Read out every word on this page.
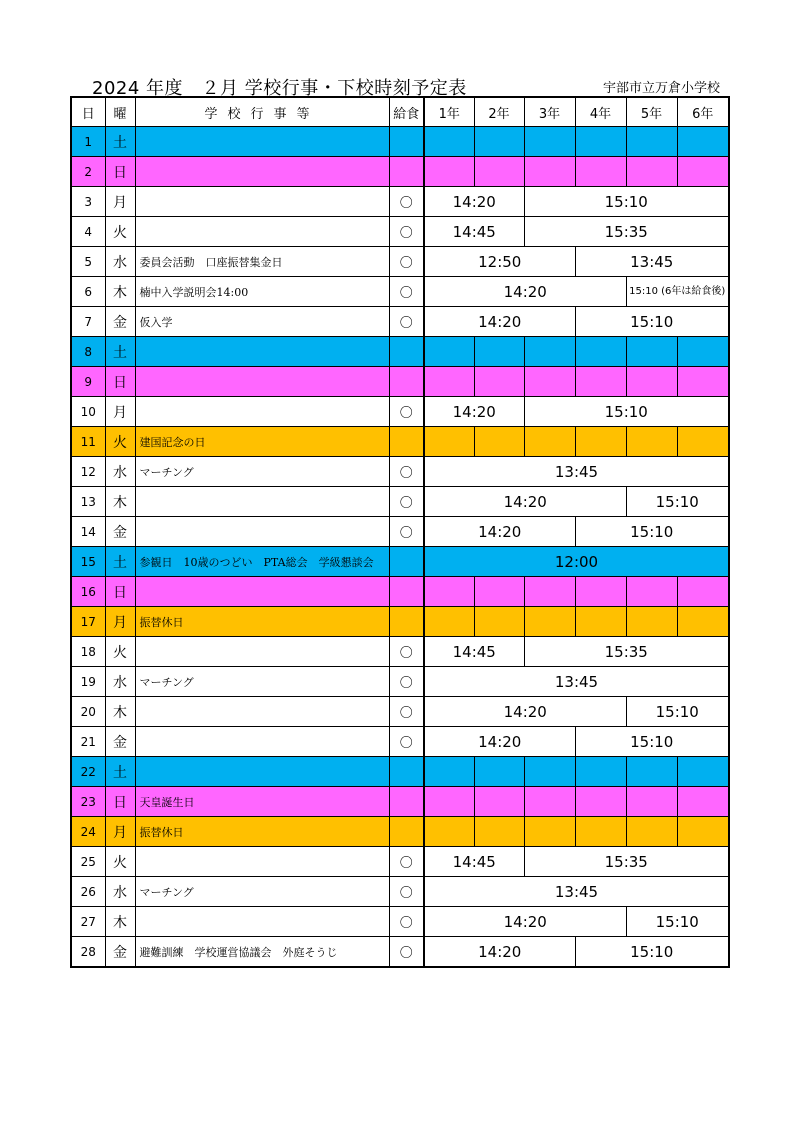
2024 年度　２月 学校行事・下校時刻予定表	宇部市立万倉小学校
日	曜	学校行事等	給食	1年	2年	3年	4年	5年	6年
1	土								
2	日								
3	月		〇	14:20		15:10			
4	火		〇	14:45		15:35			
5	水	委員会活動　口座振替集金日	〇	12:50			13:45		
6	木	楠中入学説明会14:00	〇	14:20				15:10 (6年は給食後)	
7	金	仮入学	〇	14:20			15:10		
8	土								
9	日								
10	月		〇	14:20		15:10			
11	火	建国記念の日							
12	水	マーチング	〇	13:45					
13	木		〇	14:20				15:10	
14	金		〇	14:20			15:10		
15	土	参観日　10歳のつどい　PTA総会　学級懇談会		12:00					
16	日								
17	月	振替休日							
18	火		〇	14:45		15:35			
19	水	マーチング	〇	13:45					
20	木		〇	14:20				15:10	
21	金		〇	14:20			15:10		
22	土								
23	日	天皇誕生日							
24	月	振替休日							
25	火		〇	14:45		15:35			
26	水	マーチング	〇	13:45					
27	木		〇	14:20				15:10	
28	金	避難訓練　学校運営協議会　外庭そうじ	〇	14:20			15:10		
